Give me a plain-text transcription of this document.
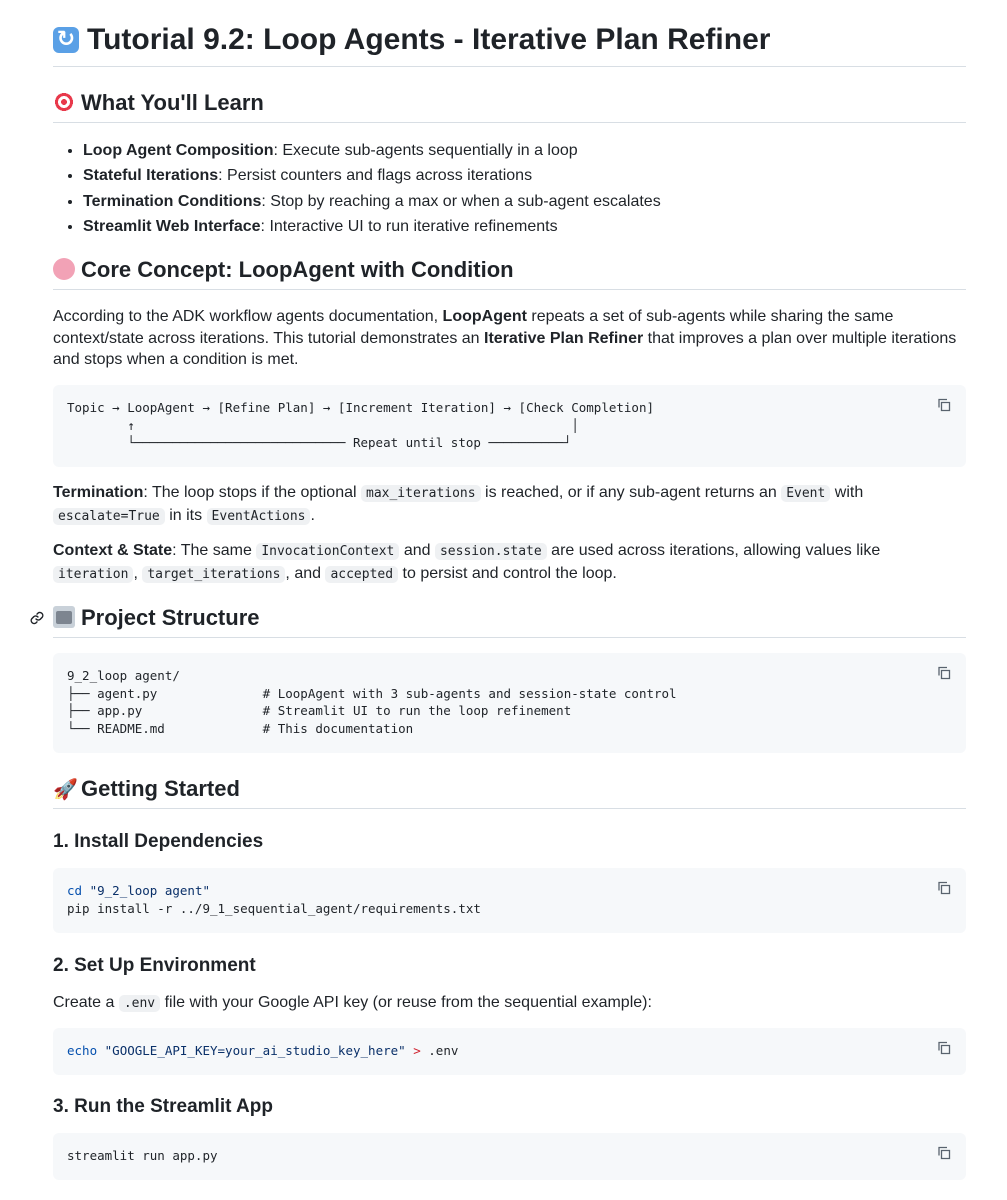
↻Tutorial 9.2: Loop Agents - Iterative Plan Refiner
What You'll Learn
• Loop Agent Composition: Execute sub-agents sequentially in a loop
• Stateful Iterations: Persist counters and flags across iterations
• Termination Conditions: Stop by reaching a max or when a sub-agent escalates
• Streamlit Web Interface: Interactive UI to run iterative refinements
Core Concept: LoopAgent with Condition

According to the ADK workflow agents documentation, LoopAgent repeats a set of sub-agents while sharing the same context/state across iterations. This tutorial demonstrates an Iterative Plan Refiner that improves a plan over multiple iterations and stops when a condition is met.

Topic → LoopAgent → [Refine Plan] → [Increment Iteration] → [Check Completion]
↑                                                          │
└──────────────────────────── Repeat until stop ──────────┘

Termination: The loop stops if the optional max_iterations is reached, or if any sub-agent returns an Event with escalate=True in its EventActions .

Context & State: The same InvocationContext and session.state are used across iterations, allowing values like iteration , target_iterations , and accepted to persist and control the loop.

Project Structure
9_2_loop agent/
├── agent.py              # LoopAgent with 3 sub-agents and session-state control
├── app.py                # Streamlit UI to run the loop refinement
└── README.md             # This documentation
🚀Getting Started
1. Install Dependencies
cd "9_2_loop agent"
pip install -r ../9_1_sequential_agent/requirements.txt
2. Set Up Environment

Create a .env file with your Google API key (or reuse from the sequential example):

echo "GOOGLE_API_KEY=your_ai_studio_key_here" > .env
3. Run the Streamlit App
streamlit run app.py
